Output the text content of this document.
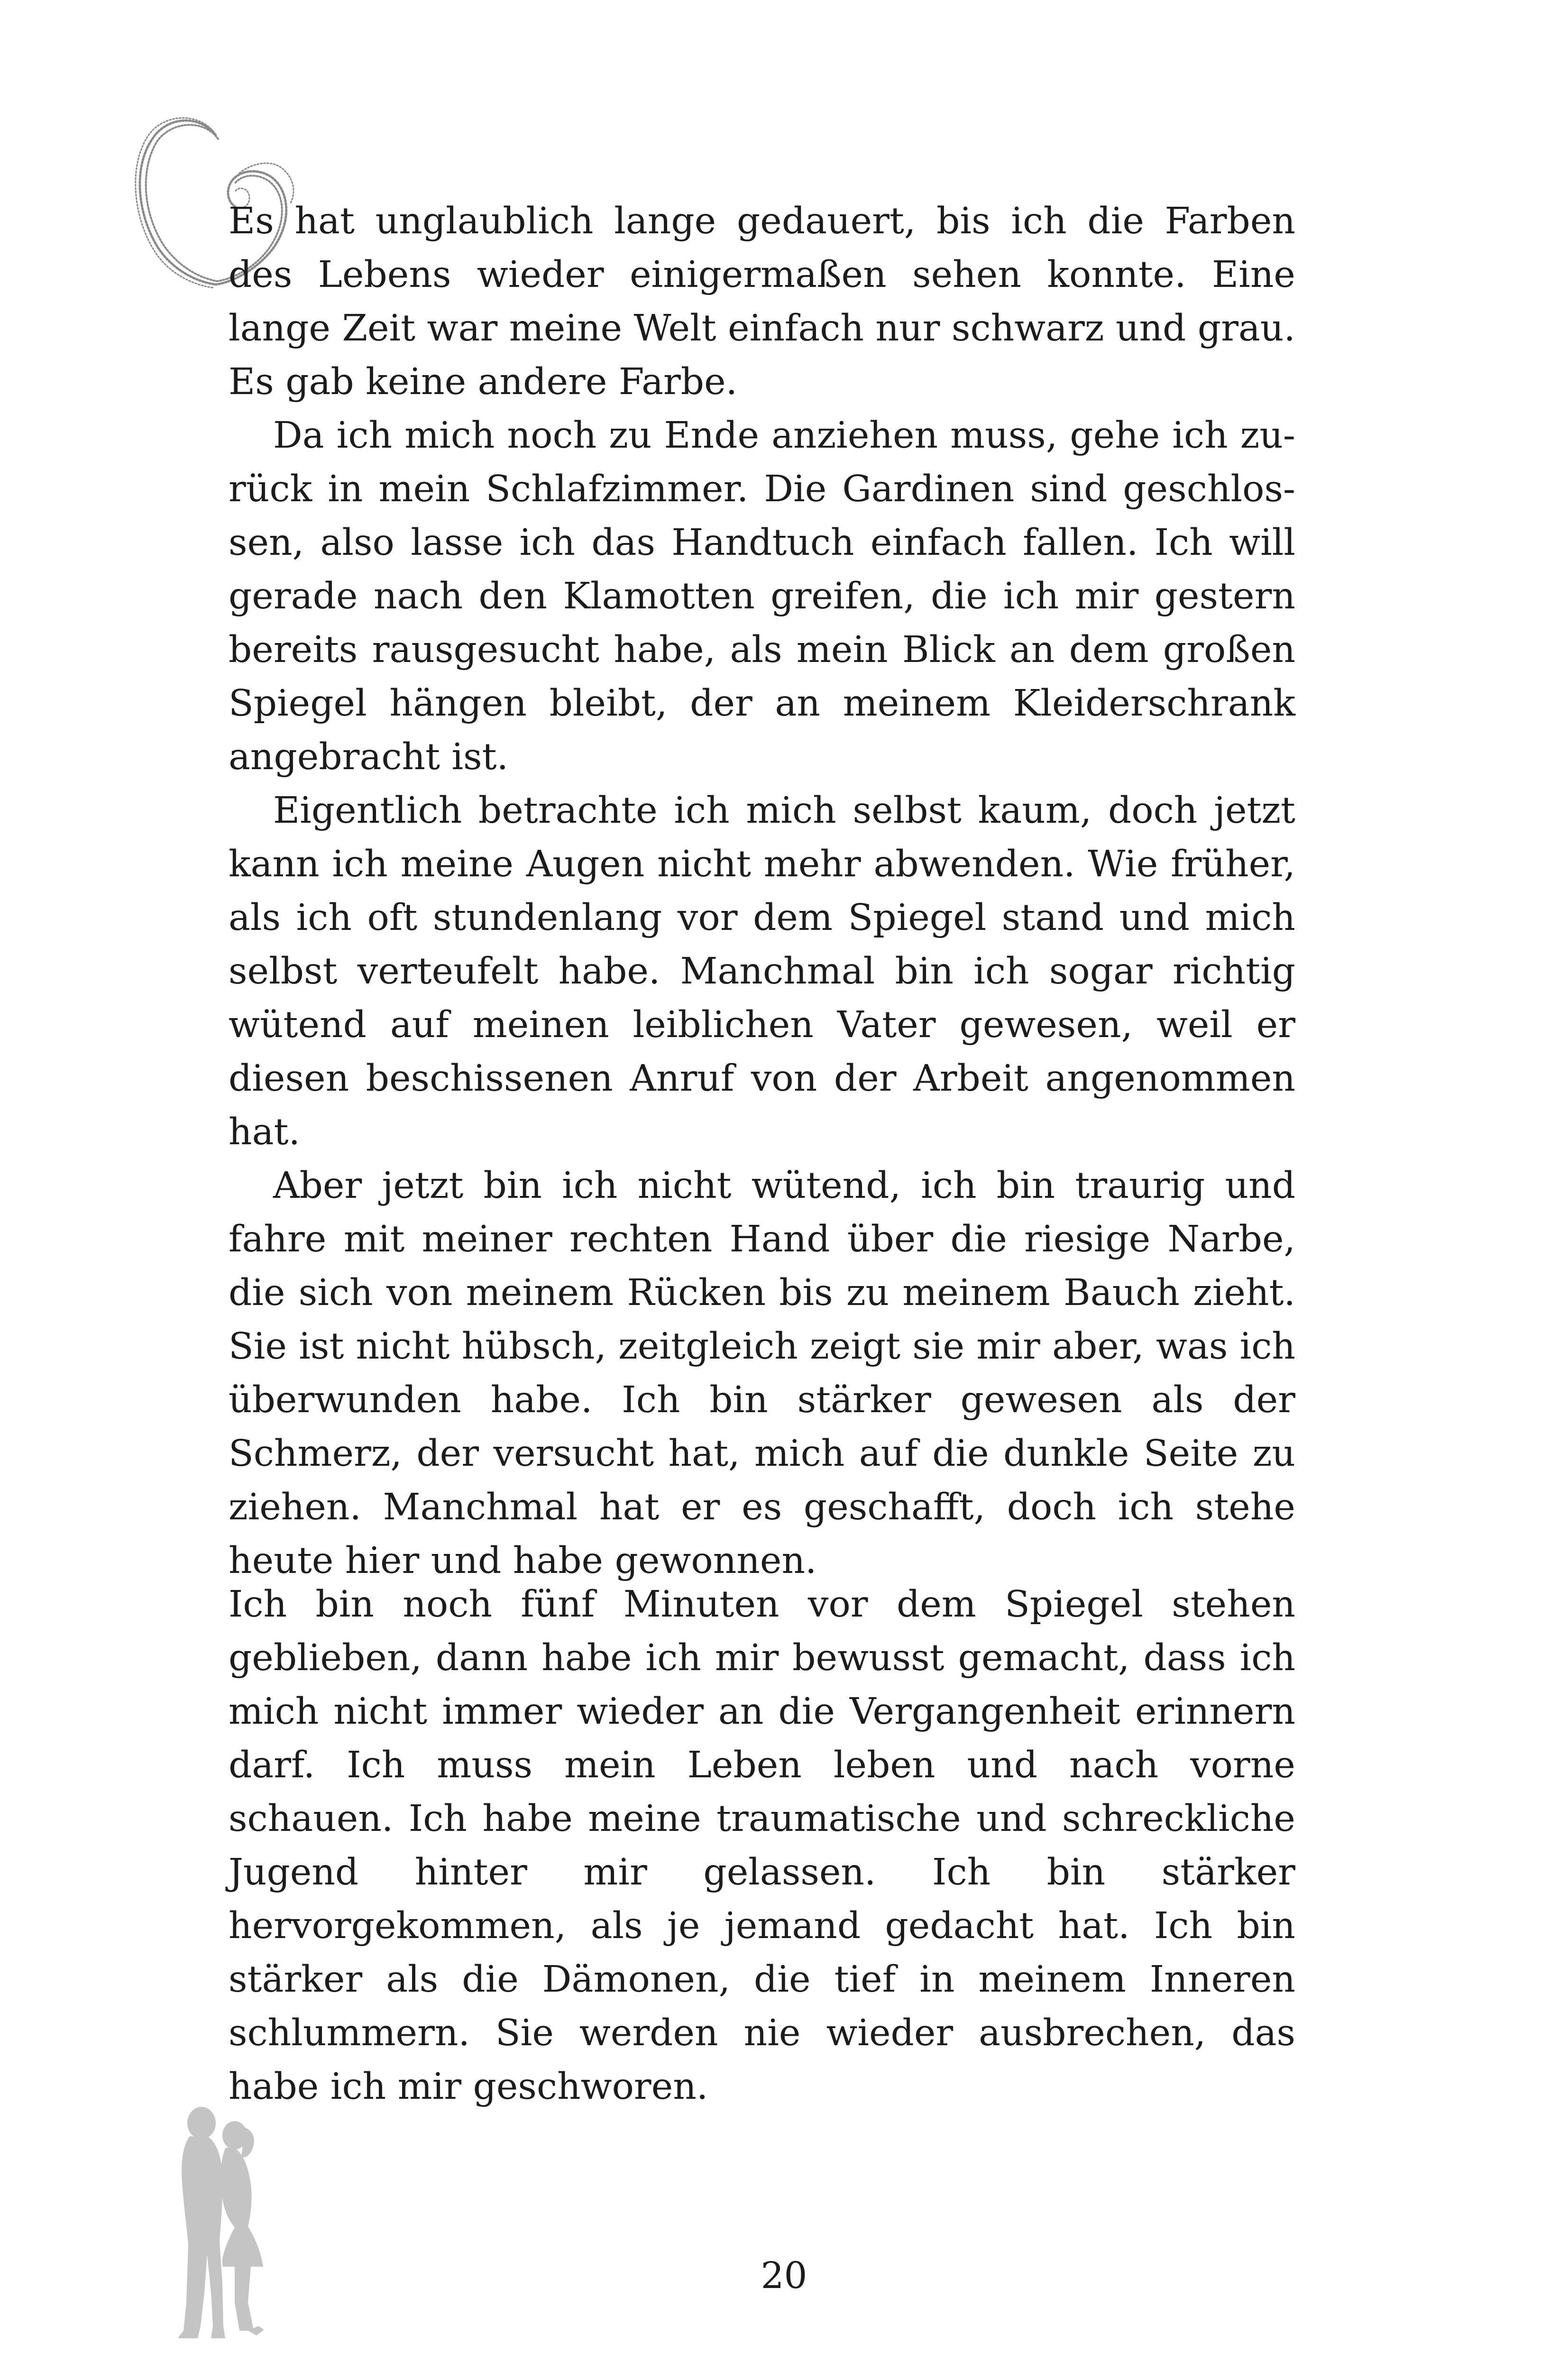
Es hat unglaublich lange gedauert, bis ich die Farben des Lebens wieder einigermaßen sehen konnte. Eine lange Zeit war meine Welt einfach nur schwarz und grau. Es gab keine andere Farbe.

Da ich mich noch zu Ende anziehen muss, gehe ich zurück in mein Schlafzimmer. Die Gardinen sind geschlossen, also lasse ich das Handtuch einfach fallen. Ich will gerade nach den Klamotten greifen, die ich mir gestern bereits rausgesucht habe, als mein Blick an dem großen Spiegel hängen bleibt, der an meinem Kleiderschrank angebracht ist.

Eigentlich betrachte ich mich selbst kaum, doch jetzt kann ich meine Augen nicht mehr abwenden. Wie früher, als ich oft stundenlang vor dem Spiegel stand und mich selbst verteufelt habe. Manchmal bin ich sogar richtig wütend auf meinen leiblichen Vater gewesen, weil er diesen beschissenen Anruf von der Arbeit angenommen hat.

Aber jetzt bin ich nicht wütend, ich bin traurig und fahre mit meiner rechten Hand über die riesige Narbe, die sich von meinem Rücken bis zu meinem Bauch zieht. Sie ist nicht hübsch, zeitgleich zeigt sie mir aber, was ich überwunden habe. Ich bin stärker gewesen als der Schmerz, der versucht hat, mich auf die dunkle Seite zu ziehen. Manchmal hat er es geschafft, doch ich stehe heute hier und habe gewonnen.

Ich bin noch fünf Minuten vor dem Spiegel stehen geblieben, dann habe ich mir bewusst gemacht, dass ich mich nicht immer wieder an die Vergangenheit erinnern darf. Ich muss mein Leben leben und nach vorne schauen. Ich habe meine traumatische und schreckliche Jugend hinter mir gelassen. Ich bin stärker hervorgekommen, als je jemand gedacht hat. Ich bin stärker als die Dämonen, die tief in meinem Inneren schlummern. Sie werden nie wieder ausbrechen, das habe ich mir geschworen.

20
